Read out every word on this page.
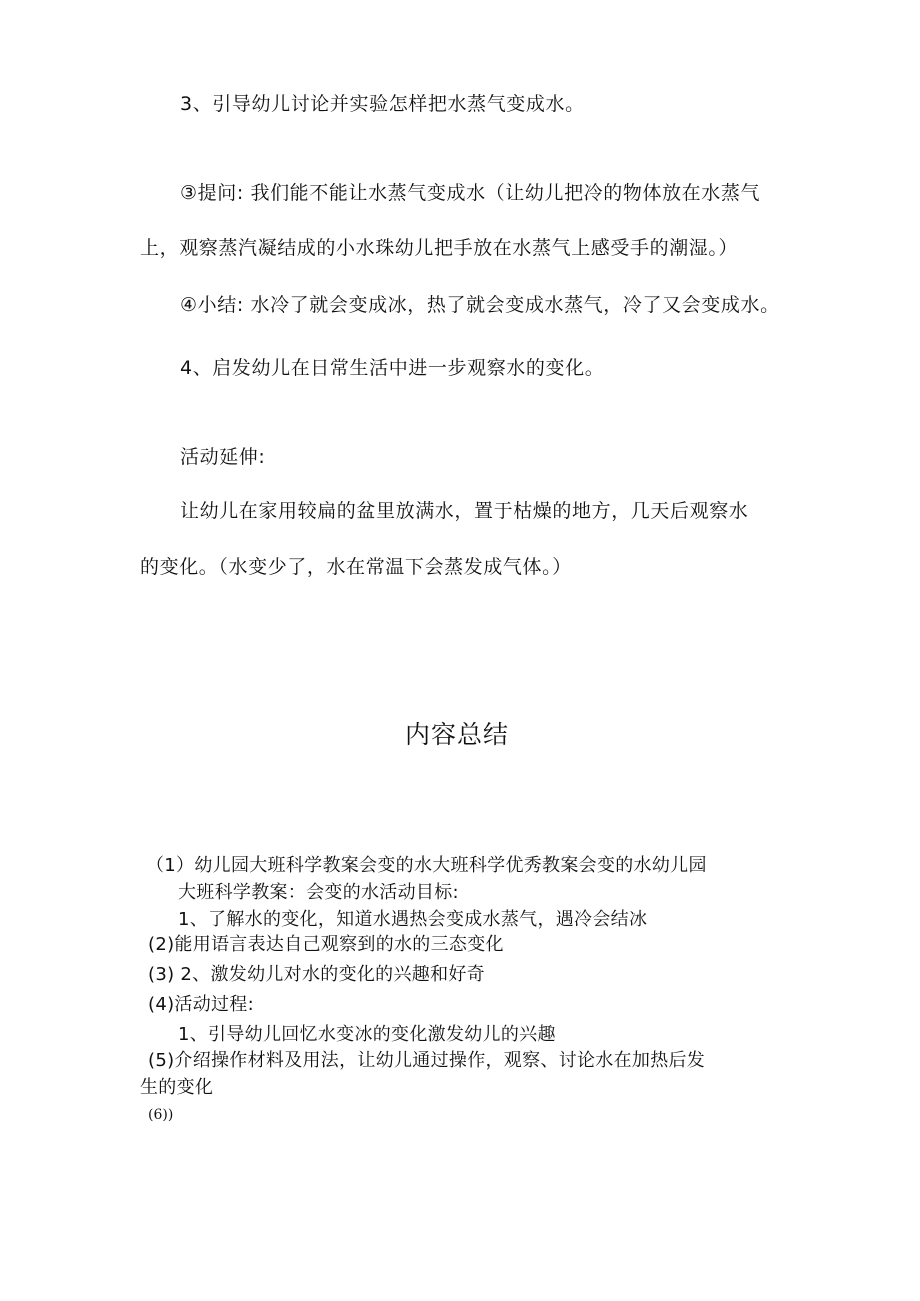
3、引导幼儿讨论并实验怎样把水蒸气变成水。
③提问: 我们能不能让水蒸气变成水（让幼儿把冷的物体放在水蒸气
上，观察蒸汽凝结成的小水珠幼儿把手放在水蒸气上感受手的潮湿。）
④小结: 水冷了就会变成冰，热了就会变成水蒸气，冷了又会变成水。
4、启发幼儿在日常生活中进一步观察水的变化。
活动延伸:
让幼儿在家用较扁的盆里放满水，置于枯燥的地方，几天后观察水
的变化。（水变少了，水在常温下会蒸发成气体。）
内容总结
（1）幼儿园大班科学教案会变的水大班科学优秀教案会变的水幼儿园
大班科学教案：会变的水活动目标:
1、了解水的变化，知道水遇热会变成水蒸气，遇冷会结冰
(2)能用语言表达自己观察到的水的三态变化
(3) 2、激发幼儿对水的变化的兴趣和好奇
(4)活动过程:
1、引导幼儿回忆水变冰的变化激发幼儿的兴趣
(5)介绍操作材料及用法，让幼儿通过操作，观察、讨论水在加热后发
生的变化
(6))
